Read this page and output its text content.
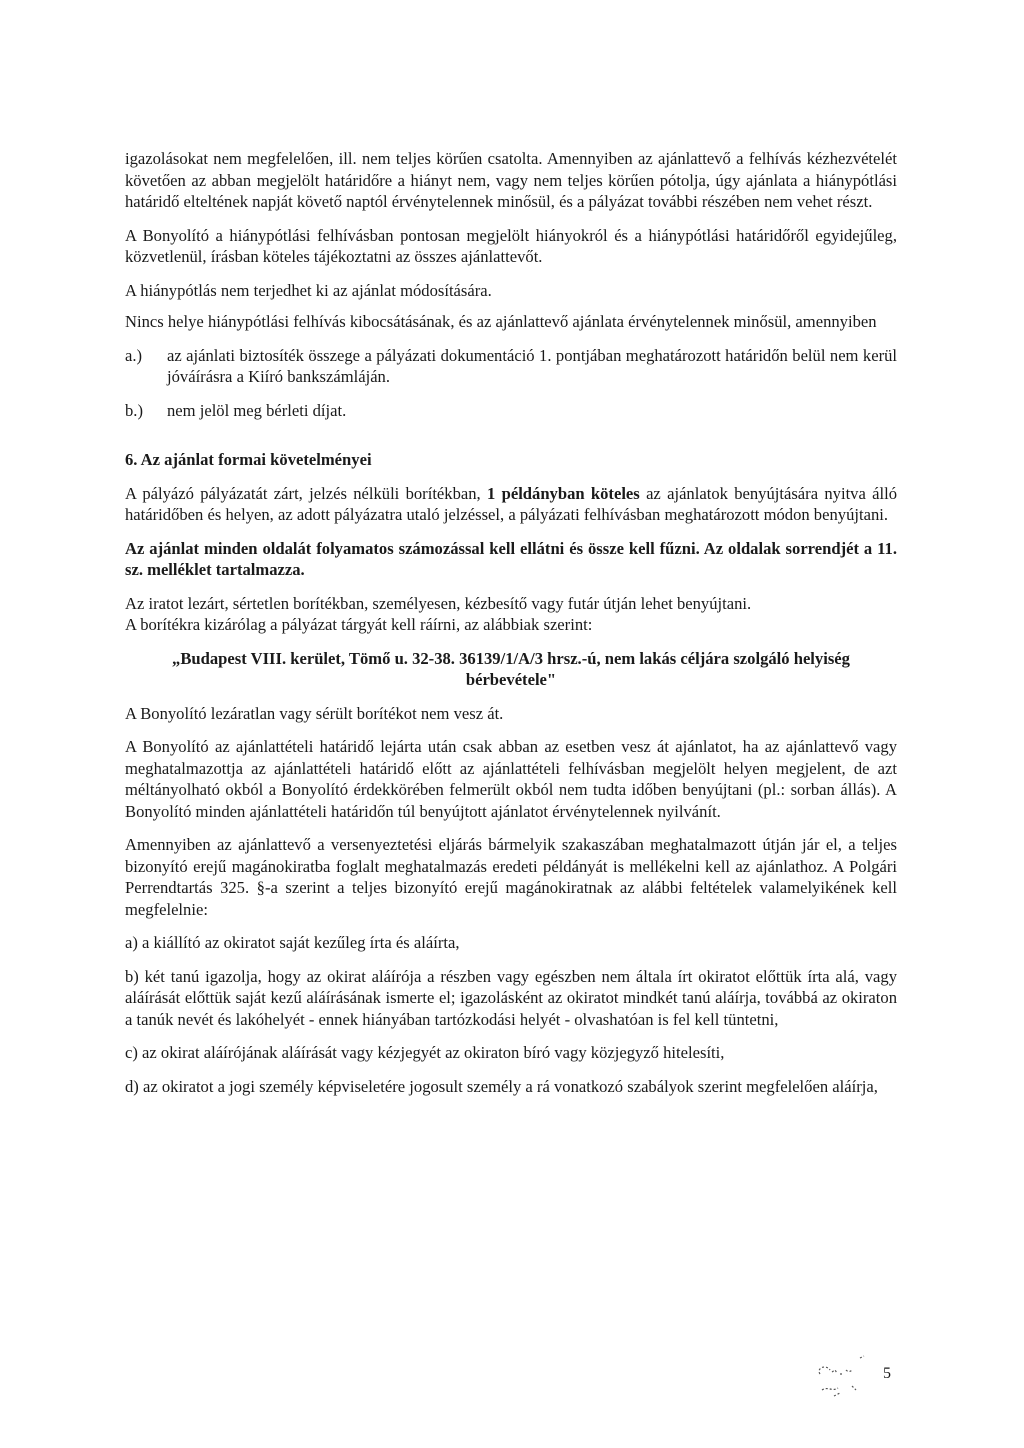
igazolásokat nem megfelelően, ill. nem teljes körűen csatolta. Amennyiben az ajánlattevő a felhívás kézhezvételét követően az abban megjelölt határidőre a hiányt nem, vagy nem teljes körűen pótolja, úgy ajánlata a hiánypótlási határidő elteltének napját követő naptól érvénytelennek minősül, és a pályázat további részében nem vehet részt.

A Bonyolító a hiánypótlási felhívásban pontosan megjelölt hiányokról és a hiánypótlási határidőről egyidejűleg, közvetlenül, írásban köteles tájékoztatni az összes ajánlattevőt.

A hiánypótlás nem terjedhet ki az ajánlat módosítására.

Nincs helye hiánypótlási felhívás kibocsátásának, és az ajánlattevő ajánlata érvénytelennek minősül, amennyiben

a.)	az ajánlati biztosíték összege a pályázati dokumentáció 1. pontjában meghatározott határidőn belül nem kerül jóváírásra a Kiíró bankszámláján.
b.)	nem jelöl meg bérleti díjat.
6. Az ajánlat formai követelményei

A pályázó pályázatát zárt, jelzés nélküli borítékban, 1 példányban köteles az ajánlatok benyújtására nyitva álló határidőben és helyen, az adott pályázatra utaló jelzéssel, a pályázati felhívásban meghatározott módon benyújtani.

Az ajánlat minden oldalát folyamatos számozással kell ellátni és össze kell fűzni. Az oldalak sorrendjét a 11. sz. melléklet tartalmazza.

Az iratot lezárt, sértetlen borítékban, személyesen, kézbesítő vagy futár útján lehet benyújtani.

A borítékra kizárólag a pályázat tárgyát kell ráírni, az alábbiak szerint:

„Budapest VIII. kerület, Tömő u. 32-38. 36139/1/A/3 hrsz.-ú, nem lakás céljára szolgáló helyiség bérbevétele"

A Bonyolító lezáratlan vagy sérült borítékot nem vesz át.

A Bonyolító az ajánlattételi határidő lejárta után csak abban az esetben vesz át ajánlatot, ha az ajánlattevő vagy meghatalmazottja az ajánlattételi határidő előtt az ajánlattételi felhívásban megjelölt helyen megjelent, de azt méltányolható okból a Bonyolító érdekkörében felmerült okból nem tudta időben benyújtani (pl.: sorban állás). A Bonyolító minden ajánlattételi határidőn túl benyújtott ajánlatot érvénytelennek nyilvánít.

Amennyiben az ajánlattevő a versenyeztetési eljárás bármelyik szakaszában meghatalmazott útján jár el, a teljes bizonyító erejű magánokiratba foglalt meghatalmazás eredeti példányát is mellékelni kell az ajánlathoz. A Polgári Perrendtartás 325. §-a szerint a teljes bizonyító erejű magánokiratnak az alábbi feltételek valamelyikének kell megfelelnie:

a) a kiállító az okiratot saját kezűleg írta és aláírta,

b) két tanú igazolja, hogy az okirat aláírója a részben vagy egészben nem általa írt okiratot előttük írta alá, vagy aláírását előttük saját kezű aláírásának ismerte el; igazolásként az okiratot mindkét tanú aláírja, továbbá az okiraton a tanúk nevét és lakóhelyét - ennek hiányában tartózkodási helyét - olvashatóan is fel kell tüntetni,

c) az okirat aláírójának aláírását vagy kézjegyét az okiraton bíró vagy közjegyző hitelesíti,

d) az okiratot a jogi személy képviseletére jogosult személy a rá vonatkozó szabályok szerint megfelelően aláírja,

5
